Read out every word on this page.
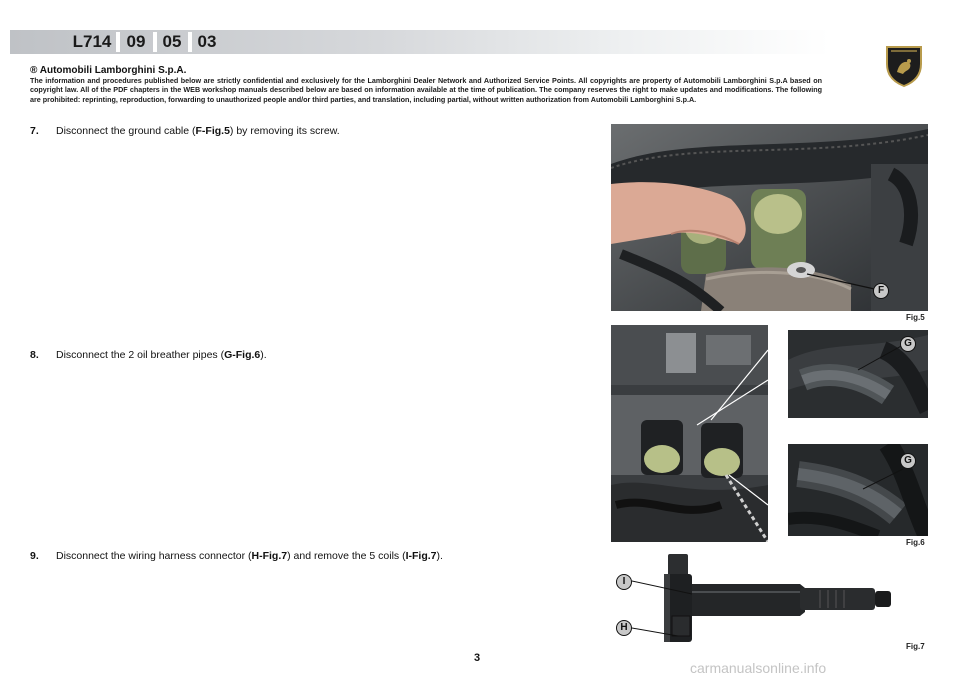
L714 09 05 03
® Automobili Lamborghini S.p.A.
The information and procedures published below are strictly confidential and exclusively for the Lamborghini Dealer Network and Authorized Service Points. All copyrights are property of Automobili Lamborghini S.p.A based on copyright law. All of the PDF chapters in the WEB workshop manuals described below are based on information available at the time of publication. The company reserves the right to make updates and modifications. The following are prohibited: reprinting, reproduction, forwarding to unauthorized people and/or third parties, and translation, including partial, without written authorization from Automobili Lamborghini S.p.A.
7. Disconnect the ground cable (F-Fig.5) by removing its screw.
8. Disconnect the 2 oil breather pipes (G-Fig.6).
9. Disconnect the wiring harness connector (H-Fig.7) and remove the 5 coils (I-Fig.7).
F
Fig.5
G
G
Fig.6
I
H
Fig.7
3
carmanualsonline.info
